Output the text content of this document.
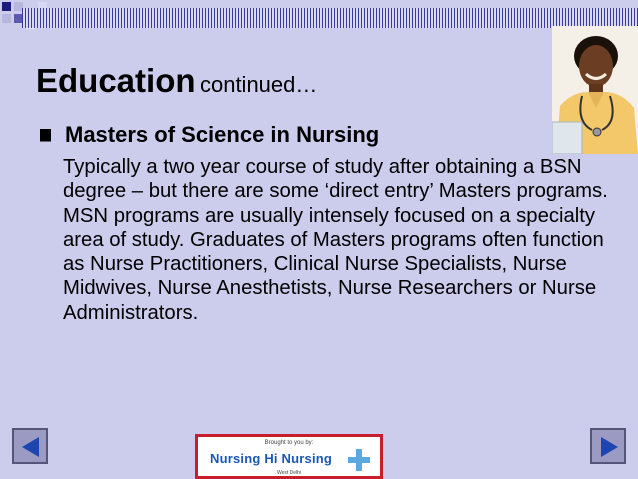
Education continued…
Masters of Science in Nursing
Typically a two year course of study after obtaining a BSN degree – but there are some ‘direct entry’ Masters programs. MSN programs are usually intensely focused on a specialty area of study. Graduates of Masters programs often function as Nurse Practitioners, Clinical Nurse Specialists, Nurse Midwives, Nurse Anesthetists, Nurse Researchers or Nurse Administrators.
Brought to you by:
Nursing Hi Nursing
West Delhi
